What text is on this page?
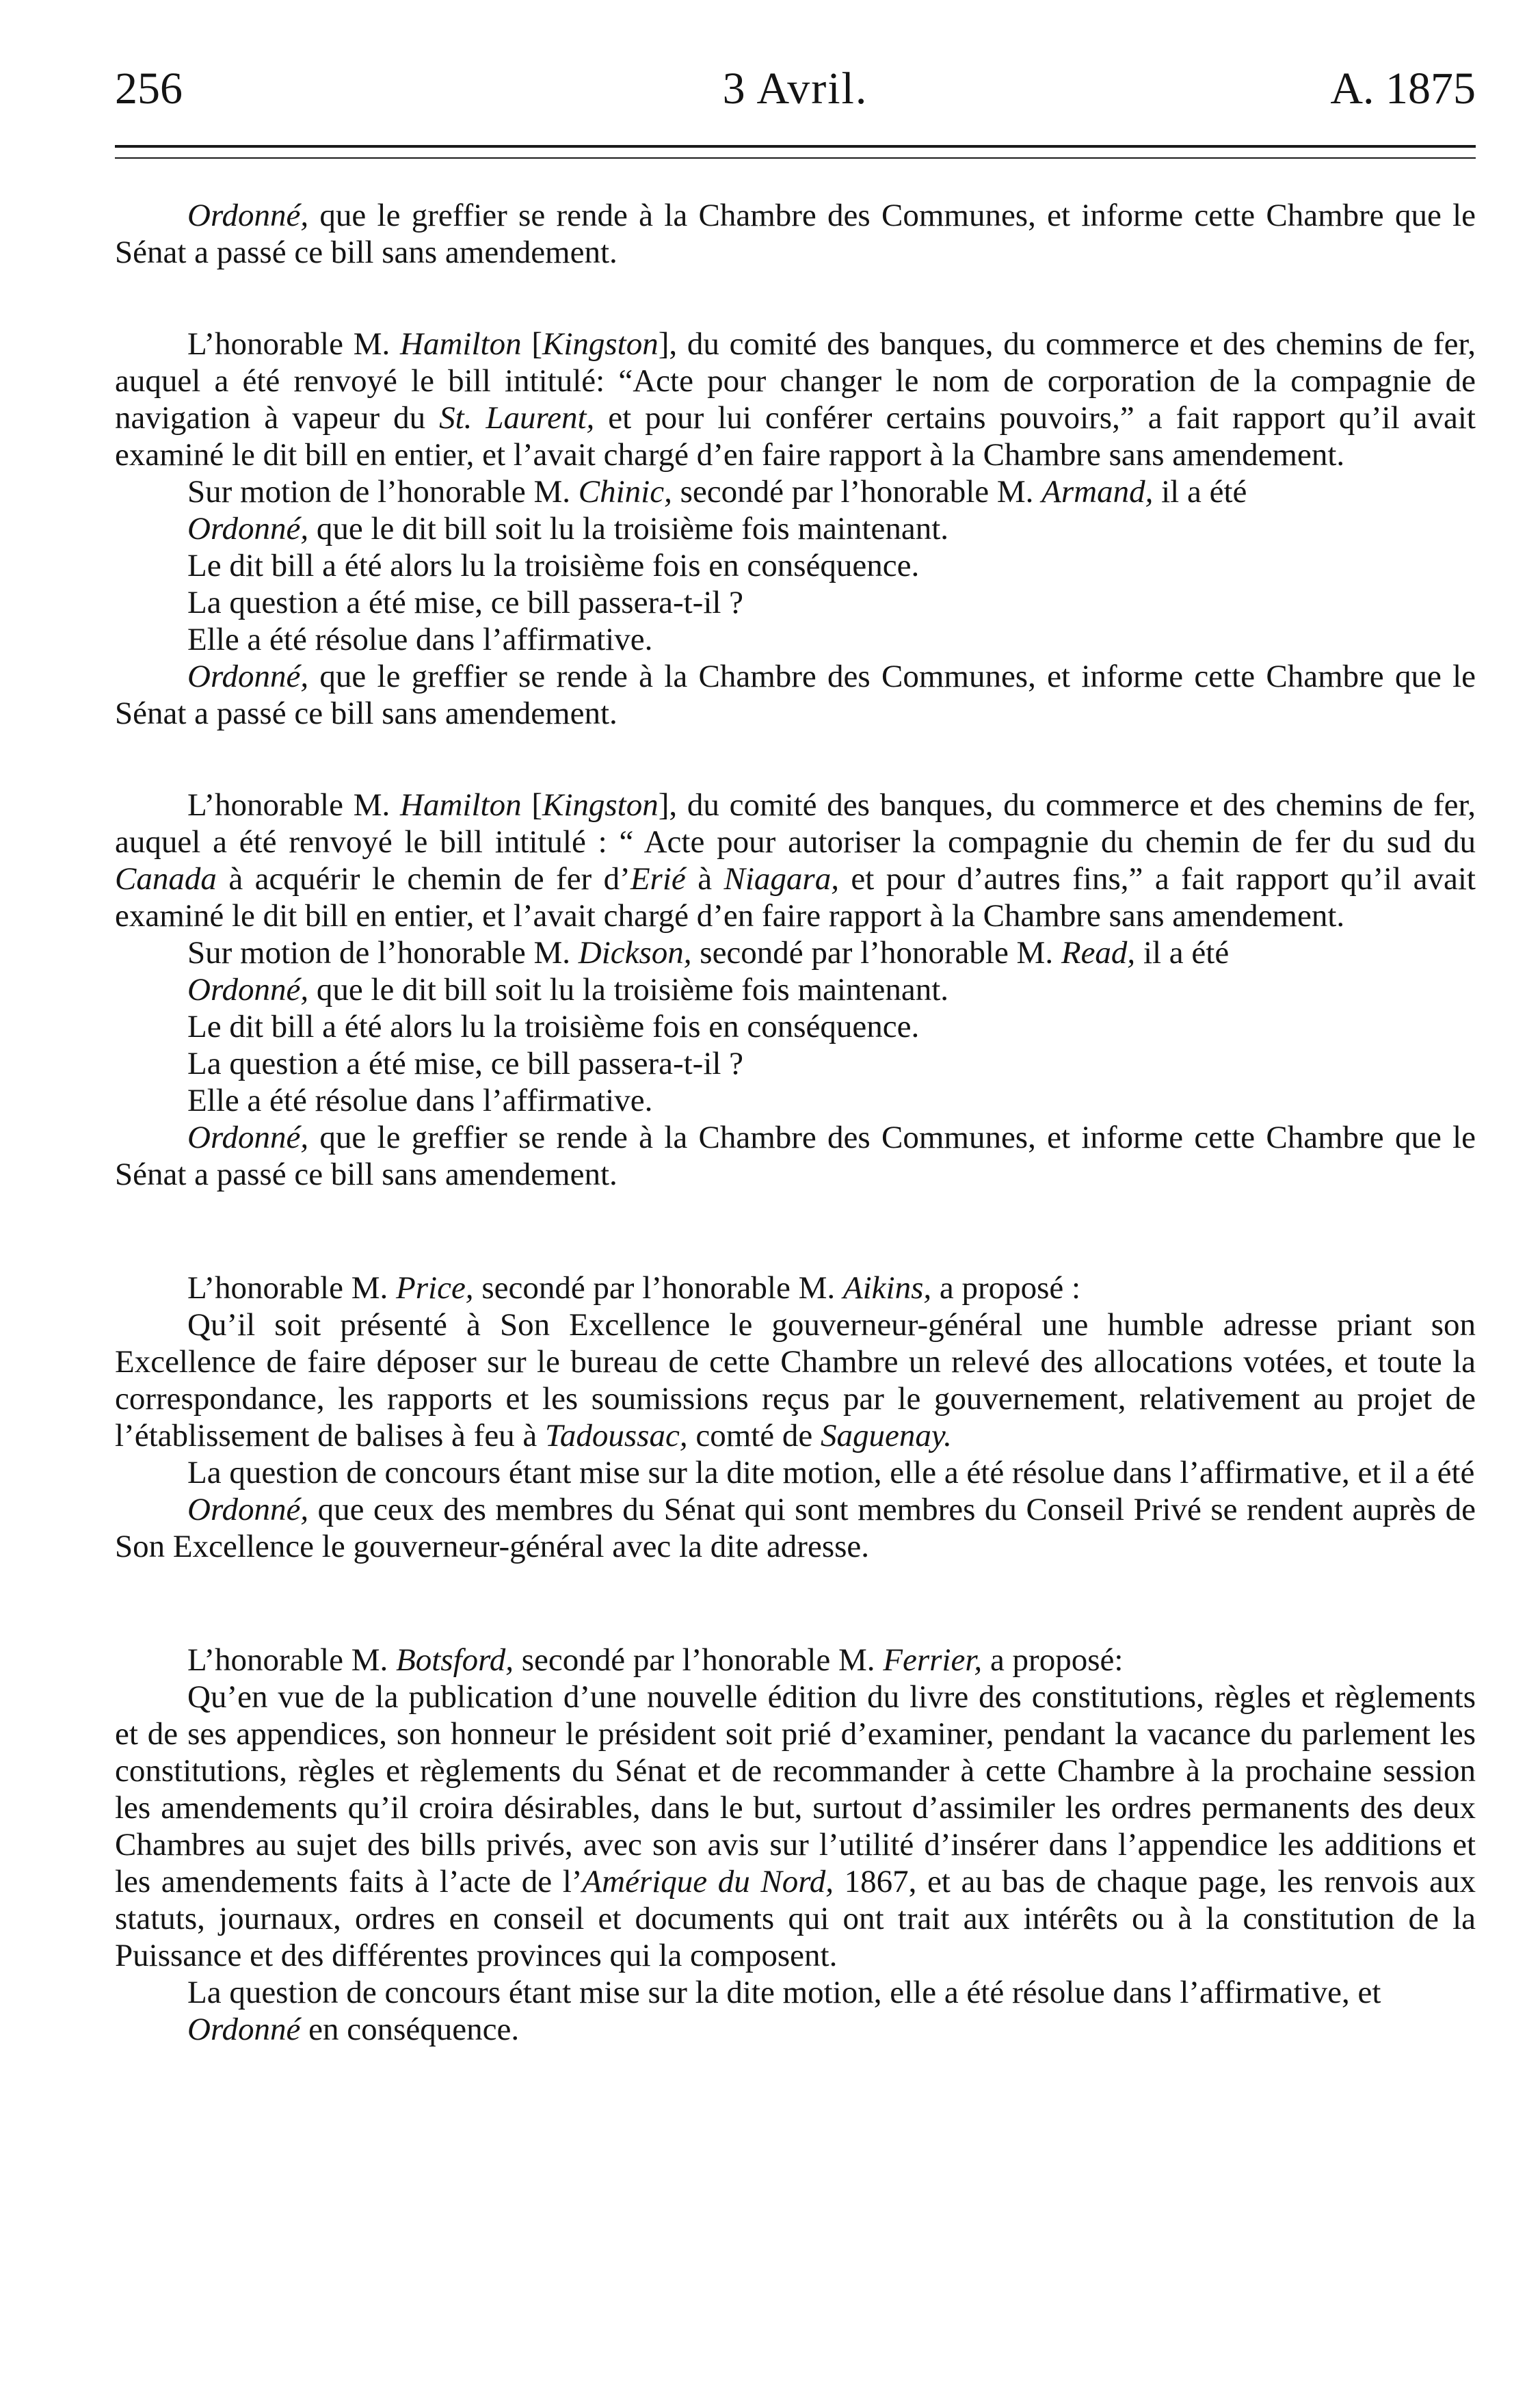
256	3 Avril.	A. 1875

Ordonné, que le greffier se rende à la Chambre des Communes, et informe cette Chambre que le Sénat a passé ce bill sans amendement.

L’honorable M. Hamilton [Kingston], du comité des banques, du commerce et des chemins de fer, auquel a été renvoyé le bill intitulé: “Acte pour changer le nom de corporation de la compagnie de navigation à vapeur du St. Laurent, et pour lui conférer certains pouvoirs,” a fait rapport qu’il avait examiné le dit bill en entier, et l’avait chargé d’en faire rapport à la Chambre sans amendement.

Sur motion de l’honorable M. Chinic, secondé par l’honorable M. Armand, il a été

Ordonné, que le dit bill soit lu la troisième fois maintenant.

Le dit bill a été alors lu la troisième fois en conséquence.

La question a été mise, ce bill passera-t-il ?

Elle a été résolue dans l’affirmative.

Ordonné, que le greffier se rende à la Chambre des Communes, et informe cette Chambre que le Sénat a passé ce bill sans amendement.

L’honorable M. Hamilton [Kingston], du comité des banques, du commerce et des chemins de fer, auquel a été renvoyé le bill intitulé : “ Acte pour autoriser la compagnie du chemin de fer du sud du Canada à acquérir le chemin de fer d’Erié à Niagara, et pour d’autres fins,” a fait rapport qu’il avait examiné le dit bill en entier, et l’avait chargé d’en faire rapport à la Chambre sans amendement.

Sur motion de l’honorable M. Dickson, secondé par l’honorable M. Read, il a été

Ordonné, que le dit bill soit lu la troisième fois maintenant.

Le dit bill a été alors lu la troisième fois en conséquence.

La question a été mise, ce bill passera-t-il ?

Elle a été résolue dans l’affirmative.

Ordonné, que le greffier se rende à la Chambre des Communes, et informe cette Chambre que le Sénat a passé ce bill sans amendement.

L’honorable M. Price, secondé par l’honorable M. Aikins, a proposé :

Qu’il soit présenté à Son Excellence le gouverneur-général une humble adresse priant son Excellence de faire déposer sur le bureau de cette Chambre un relevé des allocations votées, et toute la correspondance, les rapports et les soumissions reçus par le gouvernement, relativement au projet de l’établissement de balises à feu à Tadoussac, comté de Saguenay.

La question de concours étant mise sur la dite motion, elle a été résolue dans l’affirmative, et il a été

Ordonné, que ceux des membres du Sénat qui sont membres du Conseil Privé se rendent auprès de Son Excellence le gouverneur-général avec la dite adresse.

L’honorable M. Botsford, secondé par l’honorable M. Ferrier, a proposé:

Qu’en vue de la publication d’une nouvelle édition du livre des constitutions, règles et règlements et de ses appendices, son honneur le président soit prié d’examiner, pendant la vacance du parlement les constitutions, règles et règlements du Sénat et de recommander à cette Chambre à la prochaine session les amendements qu’il croira désirables, dans le but, surtout d’assimiler les ordres permanents des deux Chambres au sujet des bills privés, avec son avis sur l’utilité d’insérer dans l’appendice les additions et les amendements faits à l’acte de l’Amérique du Nord, 1867, et au bas de chaque page, les renvois aux statuts, journaux, ordres en conseil et documents qui ont trait aux intérêts ou à la constitution de la Puissance et des différentes provinces qui la composent.

La question de concours étant mise sur la dite motion, elle a été résolue dans l’affirmative, et

Ordonné en conséquence.
